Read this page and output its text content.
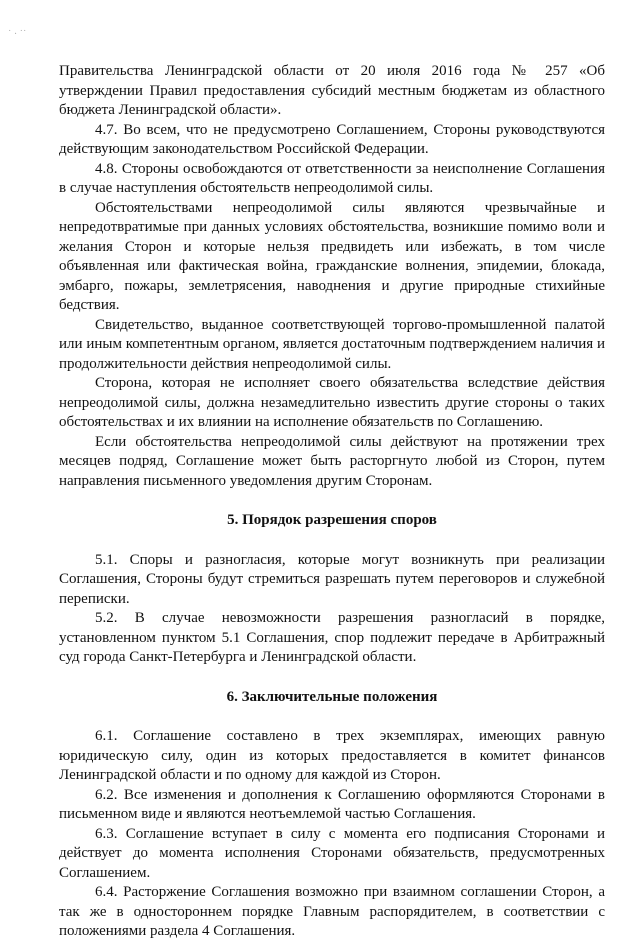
˙ · ˙˙

Правительства Ленинградской области от 20 июля 2016 года № 257 «Об утверждении Правил предоставления субсидий местным бюджетам из областного бюджета Ленинградской области».

4.7. Во всем, что не предусмотрено Соглашением, Стороны руководствуются действующим законодательством Российской Федерации.

4.8. Стороны освобождаются от ответственности за неисполнение Соглашения в случае наступления обстоятельств непреодолимой силы.

Обстоятельствами непреодолимой силы являются чрезвычайные и непредотвратимые при данных условиях обстоятельства, возникшие помимо воли и желания Сторон и которые нельзя предвидеть или избежать, в том числе объявленная или фактическая война, гражданские волнения, эпидемии, блокада, эмбарго, пожары, землетрясения, наводнения и другие природные стихийные бедствия.

Свидетельство, выданное соответствующей торгово-промышленной палатой или иным компетентным органом, является достаточным подтверждением наличия и продолжительности действия непреодолимой силы.

Сторона, которая не исполняет своего обязательства вследствие действия непреодолимой силы, должна незамедлительно известить другие стороны о таких обстоятельствах и их влиянии на исполнение обязательств по Соглашению.

Если обстоятельства непреодолимой силы действуют на протяжении трех месяцев подряд, Соглашение может быть расторгнуто любой из Сторон, путем направления письменного уведомления другим Сторонам.

5. Порядок разрешения споров

5.1. Споры и разногласия, которые могут возникнуть при реализации Соглашения, Стороны будут стремиться разрешать путем переговоров и служебной переписки.

5.2. В случае невозможности разрешения разногласий в порядке, установленном пунктом 5.1 Соглашения, спор подлежит передаче в Арбитражный суд города Санкт-Петербурга и Ленинградской области.

6. Заключительные положения

6.1. Соглашение составлено в трех экземплярах, имеющих равную юридическую силу, один из которых предоставляется в комитет финансов Ленинградской области и по одному для каждой из Сторон.

6.2. Все изменения и дополнения к Соглашению оформляются Сторонами в письменном виде и являются неотъемлемой частью Соглашения.

6.3. Соглашение вступает в силу с момента его подписания Сторонами и действует до момента исполнения Сторонами обязательств, предусмотренных Соглашением.

6.4. Расторжение Соглашения возможно при взаимном соглашении Сторон, а так же в одностороннем порядке Главным распорядителем, в соответствии с положениями раздела 4 Соглашения.
